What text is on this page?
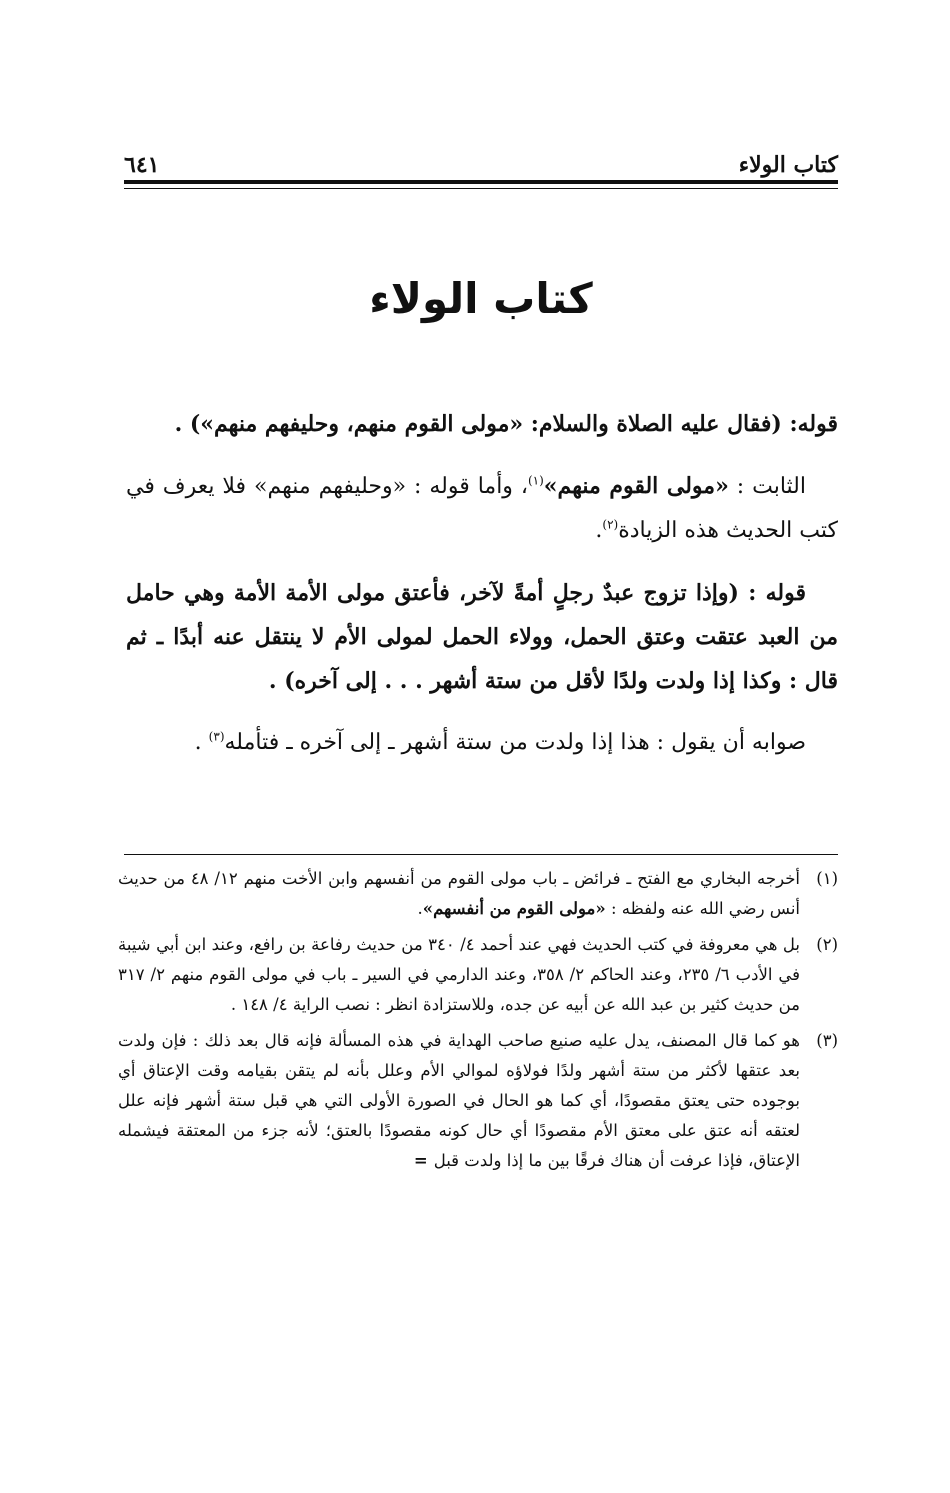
كتاب الولاء
٦٤١
كتاب الولاء

قوله: (فقال عليه الصلاة والسلام: «مولى القوم منهم، وحليفهم منهم») .

الثابت : «مولى القوم منهم»$^{(١)}$، وأما قوله : «وحليفهم منهم» فلا يعرف في كتب الحديث هذه الزيادة$^{(٢)}$.

قوله : (وإذا تزوج عبدٌ رجلٍ أمةً لآخر، فأعتق مولى الأمة الأمة وهي حامل من العبد عتقت وعتق الحمل، وولاء الحمل لمولى الأم لا ينتقل عنه أبدًا ـ ثم قال : وكذا إذا ولدت ولدًا لأقل من ستة أشهر . . . إلى آخره) .

صوابه أن يقول : هذا إذا ولدت من ستة أشهر ـ إلى آخره ـ فتأمله$^{(٣)}$ .

(١)
أخرجه البخاري مع الفتح ـ فرائض ـ باب مولى القوم من أنفسهم وابن الأخت منهم ١٢/ ٤٨ من حديث أنس رضي الله عنه ولفظه : «مولى القوم من أنفسهم».
(٢)
بل هي معروفة في كتب الحديث فهي عند أحمد ٤/ ٣٤٠ من حديث رفاعة بن رافع، وعند ابن أبي شيبة في الأدب ٦/ ٢٣٥، وعند الحاكم ٢/ ٣٥٨، وعند الدارمي في السير ـ باب في مولى القوم منهم ٢/ ٣١٧ من حديث كثير بن عبد الله عن أبيه عن جده، وللاستزادة انظر : نصب الراية ٤/ ١٤٨ .
(٣)
هو كما قال المصنف، يدل عليه صنيع صاحب الهداية في هذه المسألة فإنه قال بعد ذلك : فإن ولدت بعد عتقها لأكثر من ستة أشهر ولدًا فولاؤه لموالي الأم وعلل بأنه لم يتقن بقيامه وقت الإعتاق أي بوجوده حتى يعتق مقصودًا، أي كما هو الحال في الصورة الأولى التي هي قبل ستة أشهر فإنه علل لعتقه أنه عتق على معتق الأم مقصودًا أي حال كونه مقصودًا بالعتق؛ لأنه جزء من المعتقة فيشمله الإعتاق، فإذا عرفت أن هناك فرقًا بين ما إذا ولدت قبل=
